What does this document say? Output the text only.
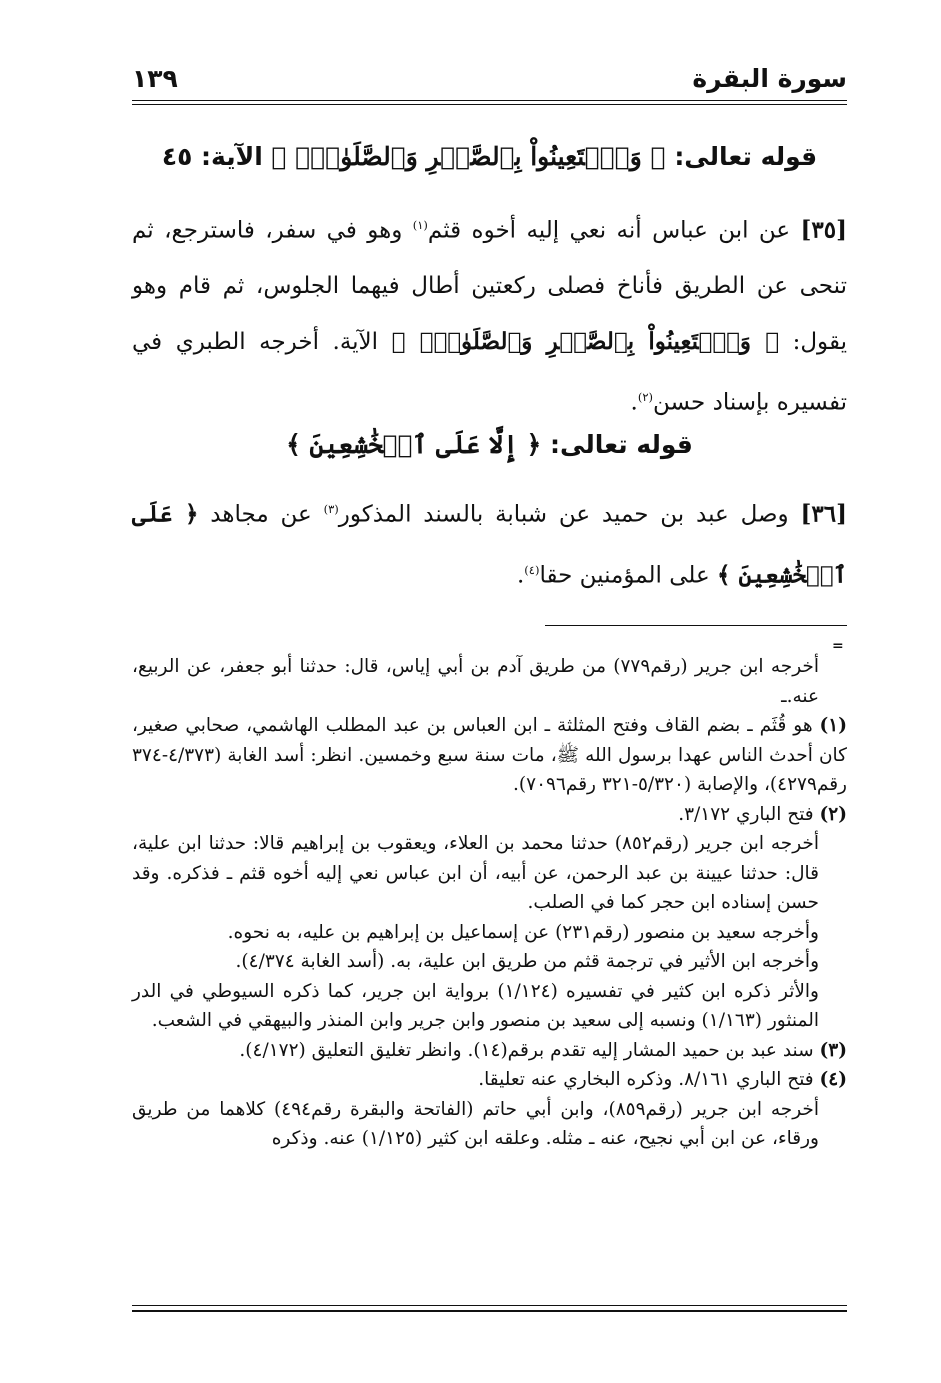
سورة البقرة
١٣٩
قوله تعالى: ﴿ وَٱسۡتَعِينُواْ بِٱلصَّبۡرِ وَٱلصَّلَوٰةِۚ ﴾ الآية: ٤٥
[٣٥] عن ابن عباس أنه نعي إليه أخوه قثم$^{(١)}$ وهو في سفر، فاسترجع، ثم تنحى عن الطريق فأناخ فصلى ركعتين أطال فيهما الجلوس، ثم قام وهو يقول: ﴿ وَٱسۡتَعِينُواْ بِٱلصَّبۡرِ وَٱلصَّلَوٰةِۚ ﴾ الآية. أخرجه الطبري في تفسيره بإسناد حسن$^{(٢)}$.
قوله تعالى: ﴿ إِلَّا عَلَى ٱلۡخَٰشِعِينَ ﴾
[٣٦] وصل عبد بن حميد عن شبابة بالسند المذكور$^{(٣)}$ عن مجاهد ﴿ عَلَى ٱلۡخَٰشِعِينَ ﴾ على المؤمنين حقا$^{(٤)}$.
=
أخرجه ابن جرير (رقم٧٧٩) من طريق آدم بن أبي إياس، قال: حدثنا أبو جعفر، عن الربيع، عنه.ـ
(١) هو قُثَم ـ بضم القاف وفتح المثلثة ـ ابن العباس بن عبد المطلب الهاشمي، صحابي صغير، كان أحدث الناس عهدا برسول الله ﷺ، مات سنة سبع وخمسين. انظر: أسد الغابة (٤/٣٧٣-٣٧٤ رقم٤٢٧٩)، والإصابة (٥/٣٢٠-٣٢١ رقم٧٠٩٦).
(٢) فتح الباري ٣/١٧٢.
أخرجه ابن جرير (رقم٨٥٢) حدثنا محمد بن العلاء، ويعقوب بن إبراهيم قالا: حدثنا ابن علية، قال: حدثنا عيينة بن عبد الرحمن، عن أبيه، أن ابن عباس نعي إليه أخوه قثم ـ فذكره. وقد حسن إسناده ابن حجر كما في الصلب.
وأخرجه سعيد بن منصور (رقم٢٣١) عن إسماعيل بن إبراهيم بن عليه، به نحوه.
وأخرجه ابن الأثير في ترجمة قثم من طريق ابن علية، به. (أسد الغابة ٤/٣٧٤).
والأثر ذكره ابن كثير في تفسيره (١/١٢٤) برواية ابن جرير، كما ذكره السيوطي في الدر المنثور (١/١٦٣) ونسبه إلى سعيد بن منصور وابن جرير وابن المنذر والبيهقي في الشعب.
(٣) سند عبد بن حميد المشار إليه تقدم برقم(١٤). وانظر تغليق التعليق (٤/١٧٢).
(٤) فتح الباري ٨/١٦١. وذكره البخاري عنه تعليقا.
أخرجه ابن جرير (رقم٨٥٩)، وابن أبي حاتم (الفاتحة والبقرة رقم٤٩٤) كلاهما من طريق ورقاء، عن ابن أبي نجيح، عنه ـ مثله. وعلقه ابن كثير (١/١٢٥) عنه. وذكره
